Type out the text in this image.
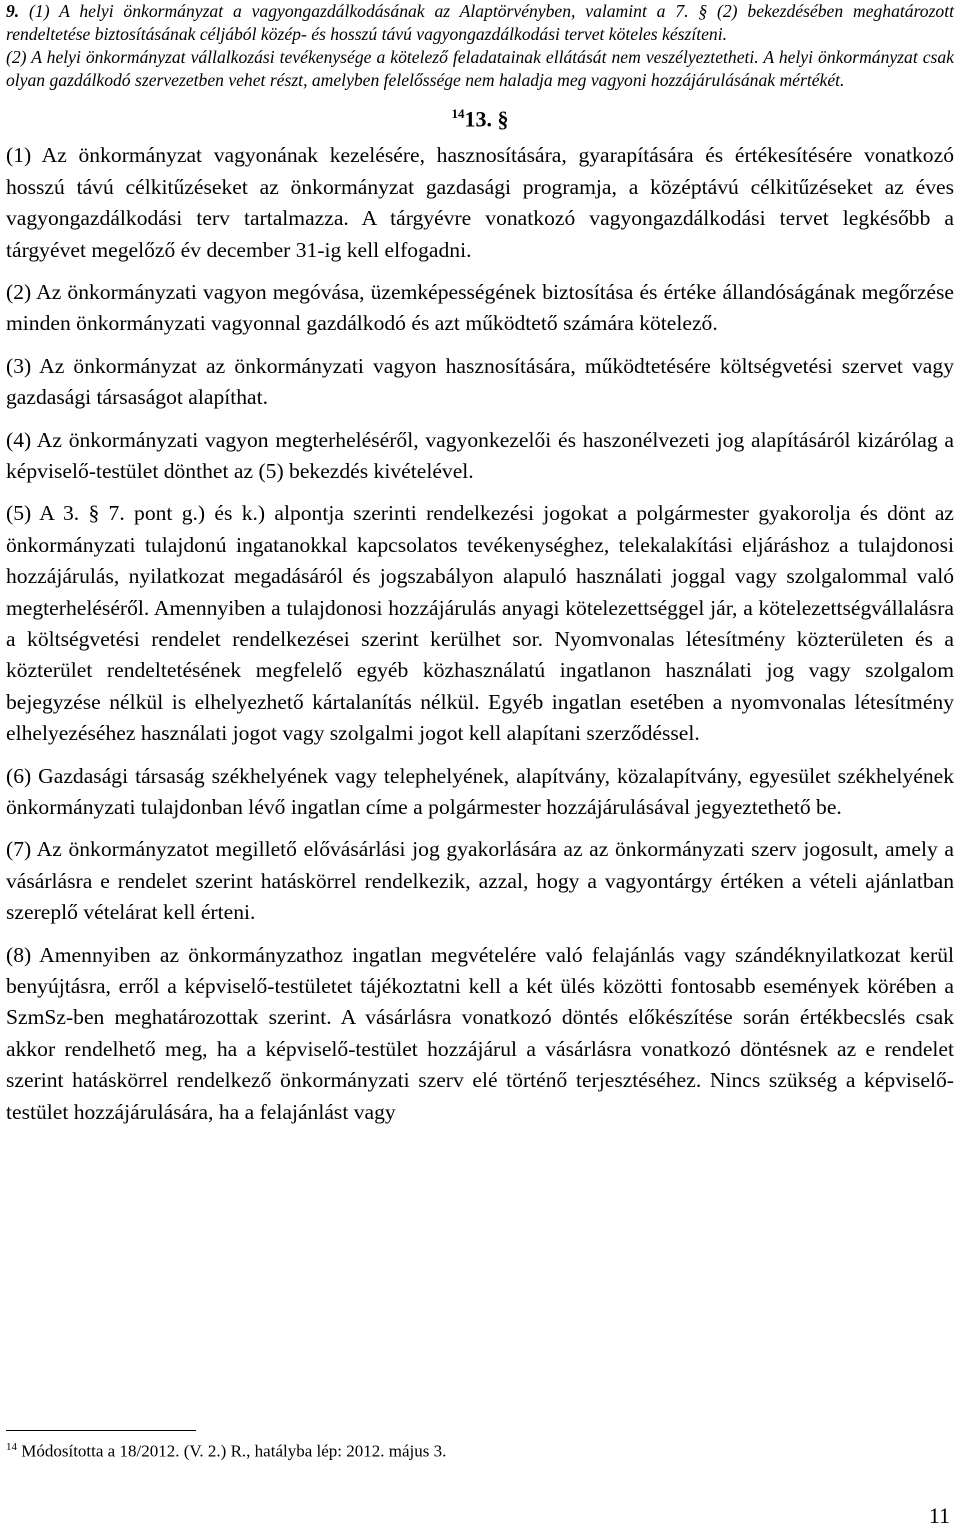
9. (1) A helyi önkormányzat a vagyongazdálkodásának az Alaptörvényben, valamint a 7. § (2) bekezdésében meghatározott rendeltetése biztosításának céljából közép- és hosszú távú vagyongazdálkodási tervet köteles készíteni.

(2) A helyi önkormányzat vállalkozási tevékenysége a kötelező feladatainak ellátását nem veszélyeztetheti. A helyi önkormányzat csak olyan gazdálkodó szervezetben vehet részt, amelyben felelőssége nem haladja meg vagyoni hozzájárulásának mértékét.

$^{14}$13. §

(1) Az önkormányzat vagyonának kezelésére, hasznosítására, gyarapítására és értékesítésére vonatkozó hosszú távú célkitűzéseket az önkormányzat gazdasági programja, a középtávú célkitűzéseket az éves vagyongazdálkodási terv tartalmazza. A tárgyévre vonatkozó vagyongazdálkodási tervet legkésőbb a tárgyévet megelőző év december 31-ig kell elfogadni.

(2) Az önkormányzati vagyon megóvása, üzemképességének biztosítása és értéke állandóságának megőrzése minden önkormányzati vagyonnal gazdálkodó és azt működtető számára kötelező.

(3) Az önkormányzat az önkormányzati vagyon hasznosítására, működtetésére költségvetési szervet vagy gazdasági társaságot alapíthat.

(4) Az önkormányzati vagyon megterheléséről, vagyonkezelői és haszonélvezeti jog alapításáról kizárólag a képviselő-testület dönthet az (5) bekezdés kivételével.

(5) A 3. § 7. pont g.) és k.) alpontja szerinti rendelkezési jogokat a polgármester gyakorolja és dönt az önkormányzati tulajdonú ingatanokkal kapcsolatos tevékenységhez, telekalakítási eljáráshoz a tulajdonosi hozzájárulás, nyilatkozat megadásáról és jogszabályon alapuló használati joggal vagy szolgalommal való megterheléséről. Amennyiben a tulajdonosi hozzájárulás anyagi kötelezettséggel jár, a kötelezettségvállalásra a költségvetési rendelet rendelkezései szerint kerülhet sor. Nyomvonalas létesítmény közterületen és a közterület rendeltetésének megfelelő egyéb közhasználatú ingatlanon használati jog vagy szolgalom bejegyzése nélkül is elhelyezhető kártalanítás nélkül. Egyéb ingatlan esetében a nyomvonalas létesítmény elhelyezéséhez használati jogot vagy szolgalmi jogot kell alapítani szerződéssel.

(6) Gazdasági társaság székhelyének vagy telephelyének, alapítvány, közalapítvány, egyesület székhelyének önkormányzati tulajdonban lévő ingatlan címe a polgármester hozzájárulásával jegyeztethető be.

(7) Az önkormányzatot megillető elővásárlási jog gyakorlására az az önkormányzati szerv jogosult, amely a vásárlásra e rendelet szerint hatáskörrel rendelkezik, azzal, hogy a vagyontárgy értéken a vételi ajánlatban szereplő vételárat kell érteni.

(8) Amennyiben az önkormányzathoz ingatlan megvételére való felajánlás vagy szándéknyilatkozat kerül benyújtásra, erről a képviselő-testületet tájékoztatni kell a két ülés közötti fontosabb események körében a SzmSz-ben meghatározottak szerint. A vásárlásra vonatkozó döntés előkészítése során értékbecslés csak akkor rendelhető meg, ha a képviselő-testület hozzájárul a vásárlásra vonatkozó döntésnek az e rendelet szerint hatáskörrel rendelkező önkormányzati szerv elé történő terjesztéséhez. Nincs szükség a képviselő-testület hozzájárulására, ha a felajánlást vagy

$^{14}$ Módosította a 18/2012. (V. 2.) R., hatályba lép: 2012. május 3.
11
